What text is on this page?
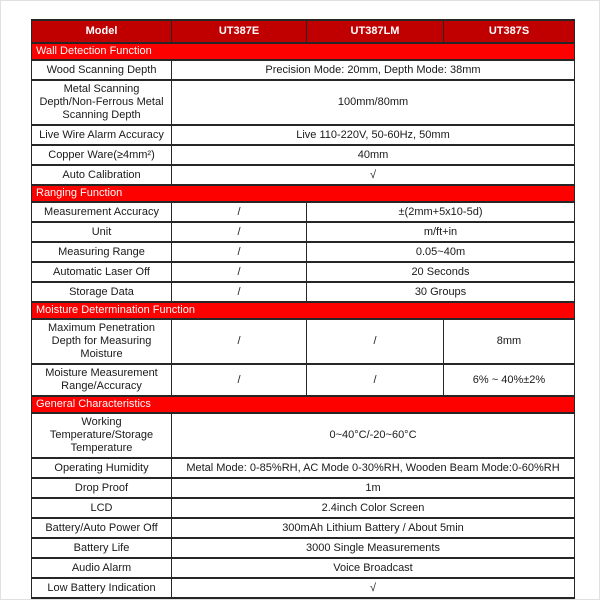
Model	UT387E	UT387LM	UT387S
Wall Detection Function			
Wood Scanning Depth	Precision Mode: 20mm, Depth Mode: 38mm		
Metal Scanning Depth/Non-Ferrous Metal Scanning Depth	100mm/80mm		
Live Wire Alarm Accuracy	Live 110-220V, 50-60Hz, 50mm		
Copper Ware(≥4mm²)	40mm		
Auto Calibration	√		
Ranging Function			
Measurement Accuracy	/	±(2mm+5x10-5d)	
Unit	/	m/ft+in	
Measuring Range	/	0.05~40m	
Automatic Laser Off	/	20 Seconds	
Storage Data	/	30 Groups	
Moisture Determination Function			
Maximum Penetration Depth for Measuring Moisture	/	/	8mm
Moisture Measurement Range/Accuracy	/	/	6% ~ 40%±2%
General Characteristics			
Working Temperature/Storage Temperature	0~40°C/-20~60°C		
Operating Humidity	Metal Mode: 0-85%RH, AC Mode 0-30%RH, Wooden Beam Mode:0-60%RH		
Drop Proof	1m		
LCD	2.4inch Color Screen		
Battery/Auto Power Off	300mAh Lithium Battery / About 5min		
Battery Life	3000 Single Measurements		
Audio Alarm	Voice Broadcast		
Low Battery Indication	√		
